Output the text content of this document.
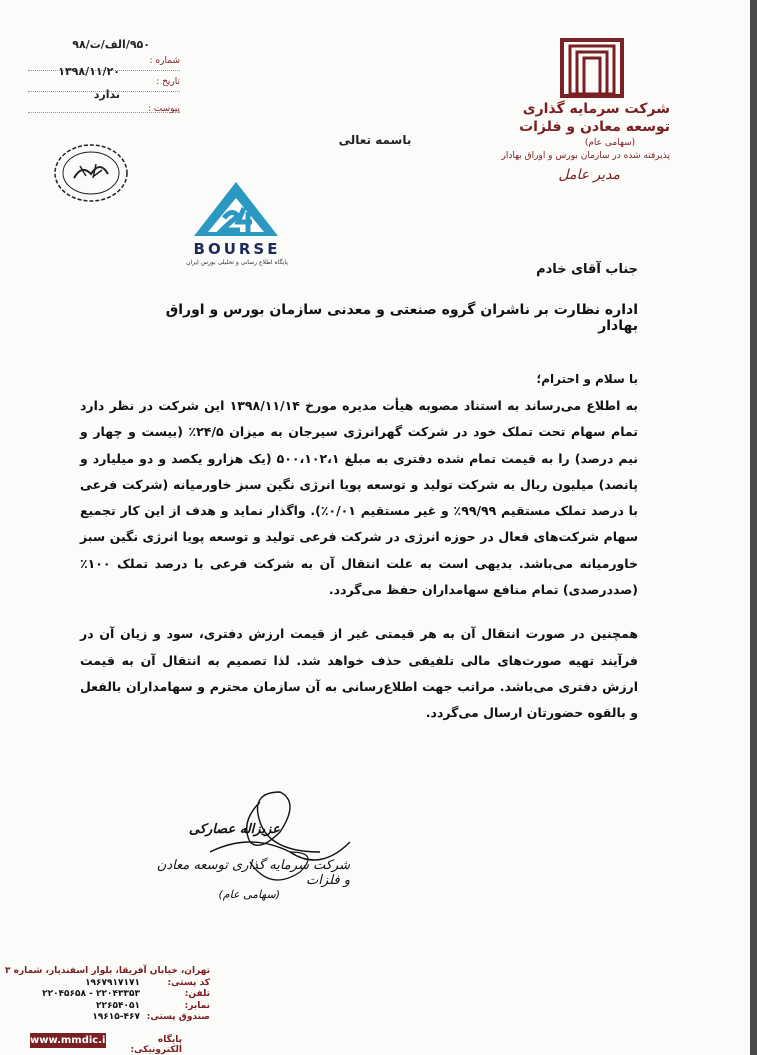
شرکت سرمایه گذاری
توسعه معادن و فلزات
(سهامی عام)
پذیرفته شده در سازمان بورس و اوراق بهادار
مدیر عامل
۹۵۰/الف/ت/۹۸
شماره :
۱۳۹۸/۱۱/۲۰
تاریخ :
ندارد
پیوست :
باسمه تعالی
BOURSE
پایگاه اطلاع رسانی و تحلیلی بورس ایران	جناب آقای خادم
اداره نظارت بر ناشران گروه صنعتی و معدنی سازمان بورس و اوراق بهادار
با سلام و احترام؛

به اطلاع می‌رساند به استناد مصوبه هیأت مدیره مورخ ۱۳۹۸/۱۱/۱۴ این شرکت در نظر دارد تمام سهام تحت تملک خود در شرکت گهرانرژی سیرجان به میزان ۲۴/۵٪ (بیست و چهار و نیم درصد) را به قیمت تمام شده دفتری به مبلغ ۵۰۰،۱۰۲،۱ (یک هزارو یکصد و دو میلیارد و پانصد) میلیون ریال به شرکت تولید و توسعه پویا انرژی نگین سبز خاورمیانه (شرکت فرعی با درصد تملک مستقیم ۹۹/۹۹٪ و غیر مستقیم ۰/۰۱٪). واگذار نماید و هدف از این کار تجمیع سهام شرکت‌های فعال در حوزه انرژی در شرکت فرعی تولید و توسعه پویا انرژی نگین سبز خاورمیانه می‌باشد. بدیهی است به علت انتقال آن به شرکت فرعی با درصد تملک ۱۰۰٪ (صددرصدی) تمام منافع سهامداران حفظ می‌گردد.

همچنین در صورت انتقال آن به هر قیمتی غیر از قیمت ارزش دفتری، سود و زیان آن در فرآیند تهیه صورت‌های مالی تلفیقی حذف خواهد شد. لذا تصمیم به انتقال آن به قیمت ارزش دفتری می‌باشد. مراتب جهت اطلاع‌رسانی به آن سازمان محترم و سهامداران بالفعل و بالقوه حضورتان ارسال می‌گردد.

عزیزاله عصارکی
شرکت سرمایه گذاری توسعه معادن و فلزات
(سهامی عام)
تهران، خیابان آفریقا، بلوار اسفندیار، شماره ۳
کد پستی:
۱۹۶۷۹۱۷۱۷۱
تلفن:
۲۲۰۴۳۳۵۳ - ۲۲۰۴۵۶۵۸
نمابر:
۲۲۶۵۴۰۵۱
صندوق پستی:
۱۹۶۱۵-۴۶۷
www.mmdic.ir	پایگاه الکترونیکی:
